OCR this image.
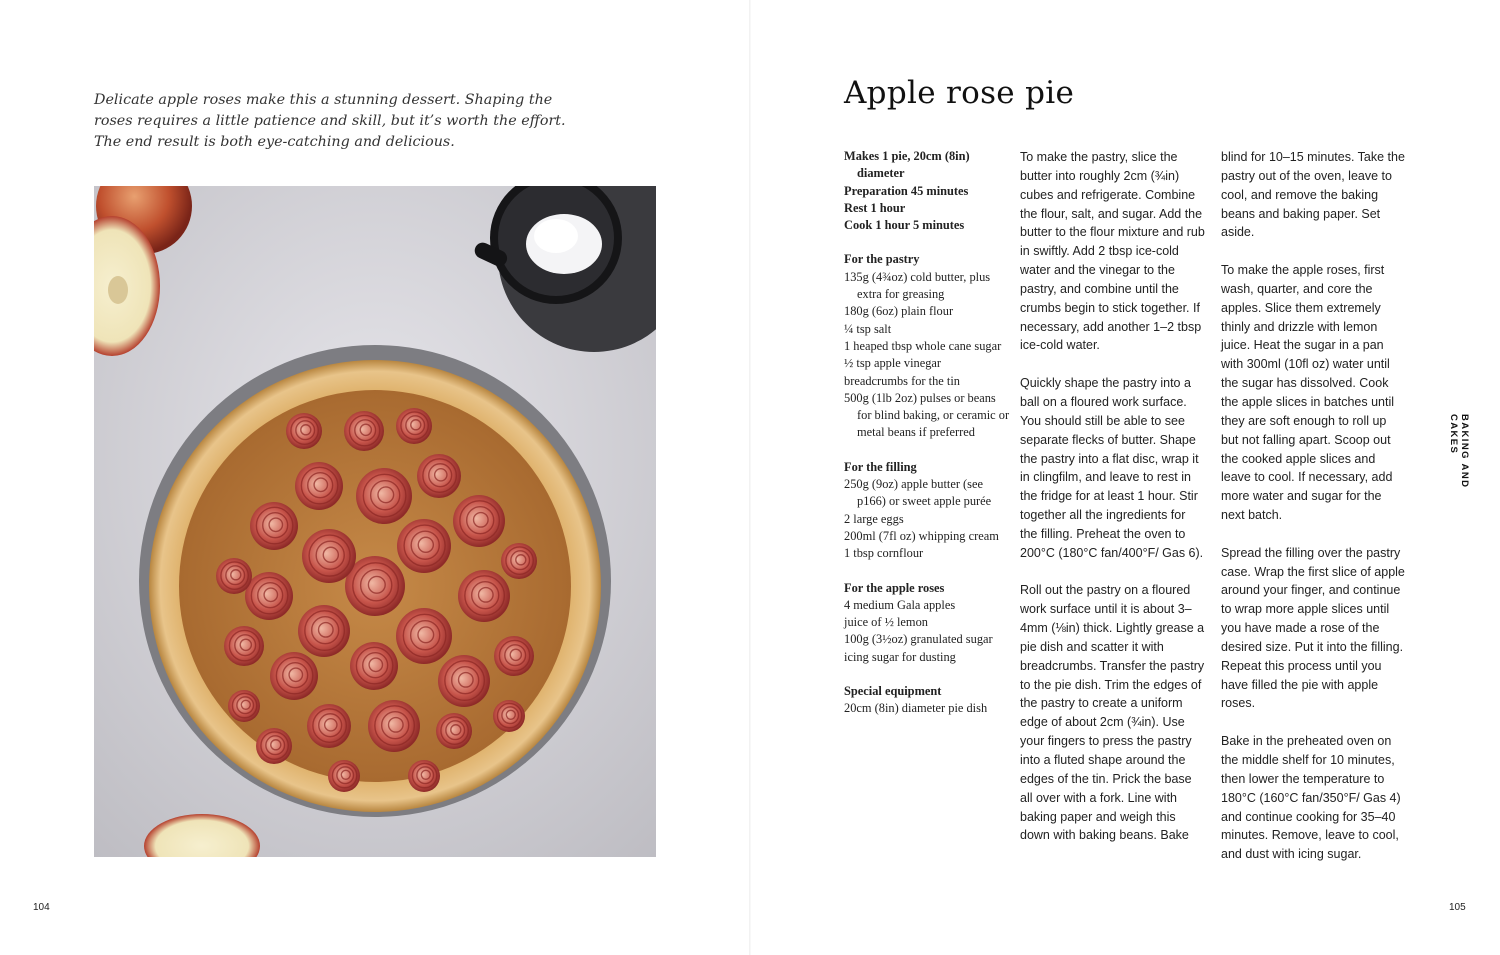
Delicate apple roses make this a stunning dessert. Shaping the roses requires a little patience and skill, but it’s worth the effort. The end result is both eye-catching and delicious.

104
Apple rose pie

Makes 1 pie, 20cm (8in) diameter

Preparation 45 minutes

Rest 1 hour

Cook 1 hour 5 minutes

For the pastry

135g (4¾oz) cold butter, plus extra for greasing

180g (6oz) plain flour

¼ tsp salt

1 heaped tbsp whole cane sugar

½ tsp apple vinegar

breadcrumbs for the tin

500g (1lb 2oz) pulses or beans for blind baking, or ceramic or metal beans if preferred

For the filling

250g (9oz) apple butter (see p166) or sweet apple purée

2 large eggs

200ml (7fl oz) whipping cream

1 tbsp cornflour

For the apple roses

4 medium Gala apples

juice of ½ lemon

100g (3½oz) granulated sugar

icing sugar for dusting

Special equipment

20cm (8in) diameter pie dish

To make the pastry, slice the butter into roughly 2cm (¾in) cubes and refrigerate. Combine the flour, salt, and sugar. Add the butter to the flour mixture and rub in swiftly. Add 2 tbsp ice-cold water and the vinegar to the pastry, and combine until the crumbs begin to stick together. If necessary, add another 1–2 tbsp ice-cold water.

Quickly shape the pastry into a ball on a floured work surface. You should still be able to see separate flecks of butter. Shape the pastry into a flat disc, wrap it in clingfilm, and leave to rest in the fridge for at least 1 hour. Stir together all the ingredients for the filling. Preheat the oven to 200°C (180°C fan/400°F/ Gas 6).

Roll out the pastry on a floured work surface until it is about 3–4mm (⅛in) thick. Lightly grease a pie dish and scatter it with breadcrumbs. Transfer the pastry to the pie dish. Trim the edges of the pastry to create a uniform edge of about 2cm (¾in). Use your fingers to press the pastry into a fluted shape around the edges of the tin. Prick the base all over with a fork. Line with baking paper and weigh this down with baking beans. Bake

blind for 10–15 minutes. Take the pastry out of the oven, leave to cool, and remove the baking beans and baking paper. Set aside.

To make the apple roses, first wash, quarter, and core the apples. Slice them extremely thinly and drizzle with lemon juice. Heat the sugar in a pan with 300ml (10fl oz) water until the sugar has dissolved. Cook the apple slices in batches until they are soft enough to roll up but not falling apart. Scoop out the cooked apple slices and leave to cool. If necessary, add more water and sugar for the next batch.

Spread the filling over the pastry case. Wrap the first slice of apple around your finger, and continue to wrap more apple slices until you have made a rose of the desired size. Put it into the filling. Repeat this process until you have filled the pie with apple roses.

Bake in the preheated oven on the middle shelf for 10 minutes, then lower the temperature to 180°C (160°C fan/350°F/ Gas 4) and continue cooking for 35–40 minutes. Remove, leave to cool, and dust with icing sugar.

BAKING AND CAKES
105
